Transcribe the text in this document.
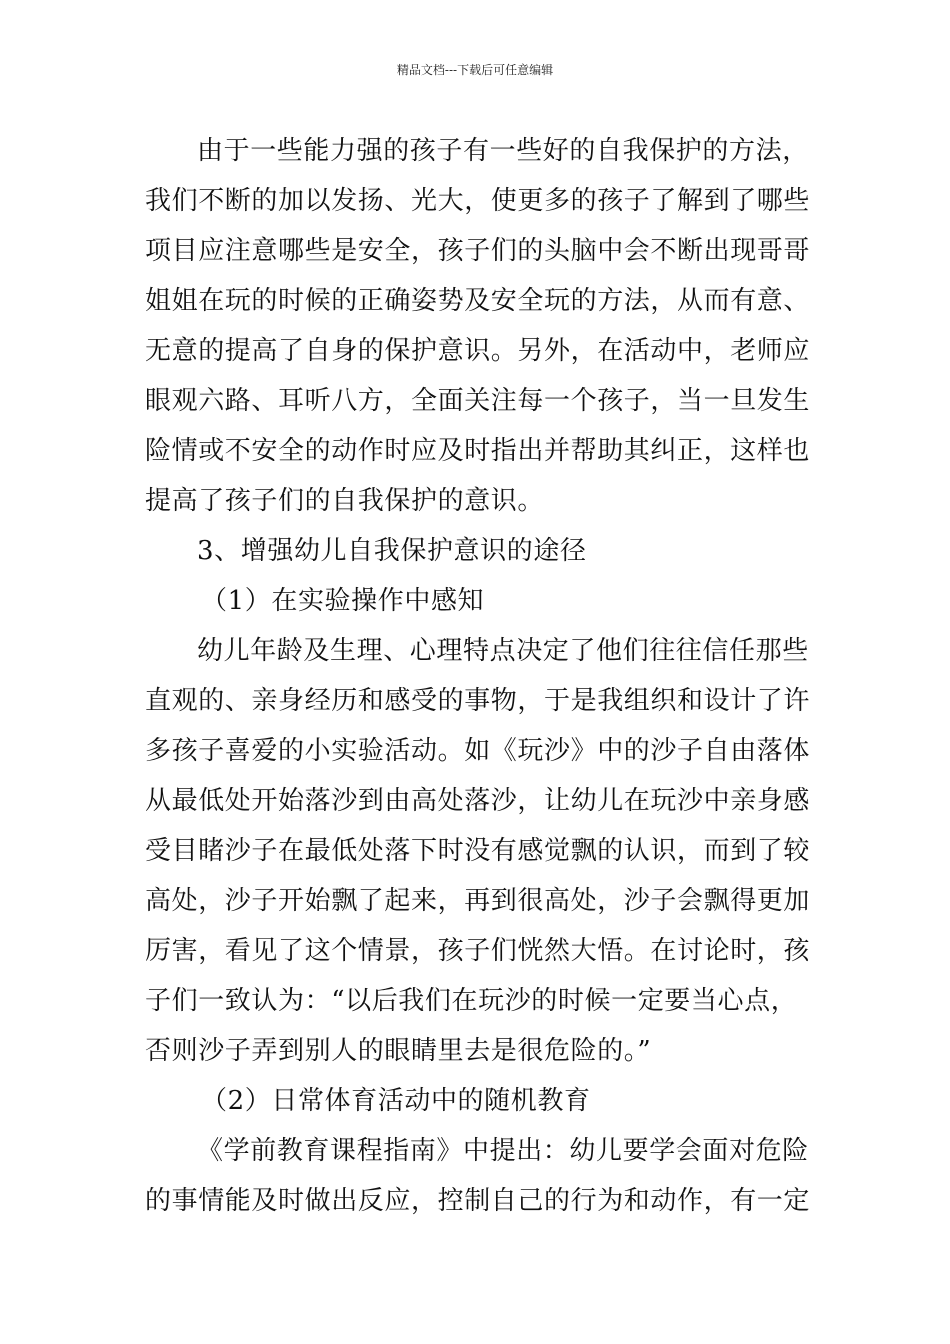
精品文档---下载后可任意编辑
由于一些能力强的孩子有一些好的自我保护的方法，
我们不断的加以发扬、光大，使更多的孩子了解到了哪些
项目应注意哪些是安全，孩子们的头脑中会不断出现哥哥
姐姐在玩的时候的正确姿势及安全玩的方法，从而有意、
无意的提高了自身的保护意识。另外，在活动中，老师应
眼观六路、耳听八方，全面关注每一个孩子，当一旦发生
险情或不安全的动作时应及时指出并帮助其纠正，这样也
提高了孩子们的自我保护的意识。
3、增强幼儿自我保护意识的途径
（1）在实验操作中感知
幼儿年龄及生理、心理特点决定了他们往往信任那些
直观的、亲身经历和感受的事物，于是我组织和设计了许
多孩子喜爱的小实验活动。如《玩沙》中的沙子自由落体
从最低处开始落沙到由高处落沙，让幼儿在玩沙中亲身感
受目睹沙子在最低处落下时没有感觉飘的认识，而到了较
高处，沙子开始飘了起来，再到很高处，沙子会飘得更加
厉害，看见了这个情景，孩子们恍然大悟。在讨论时，孩
子们一致认为：“以后我们在玩沙的时候一定要当心点，
否则沙子弄到别人的眼睛里去是很危险的。”
（2）日常体育活动中的随机教育
《学前教育课程指南》中提出：幼儿要学会面对危险
的事情能及时做出反应，控制自己的行为和动作，有一定
